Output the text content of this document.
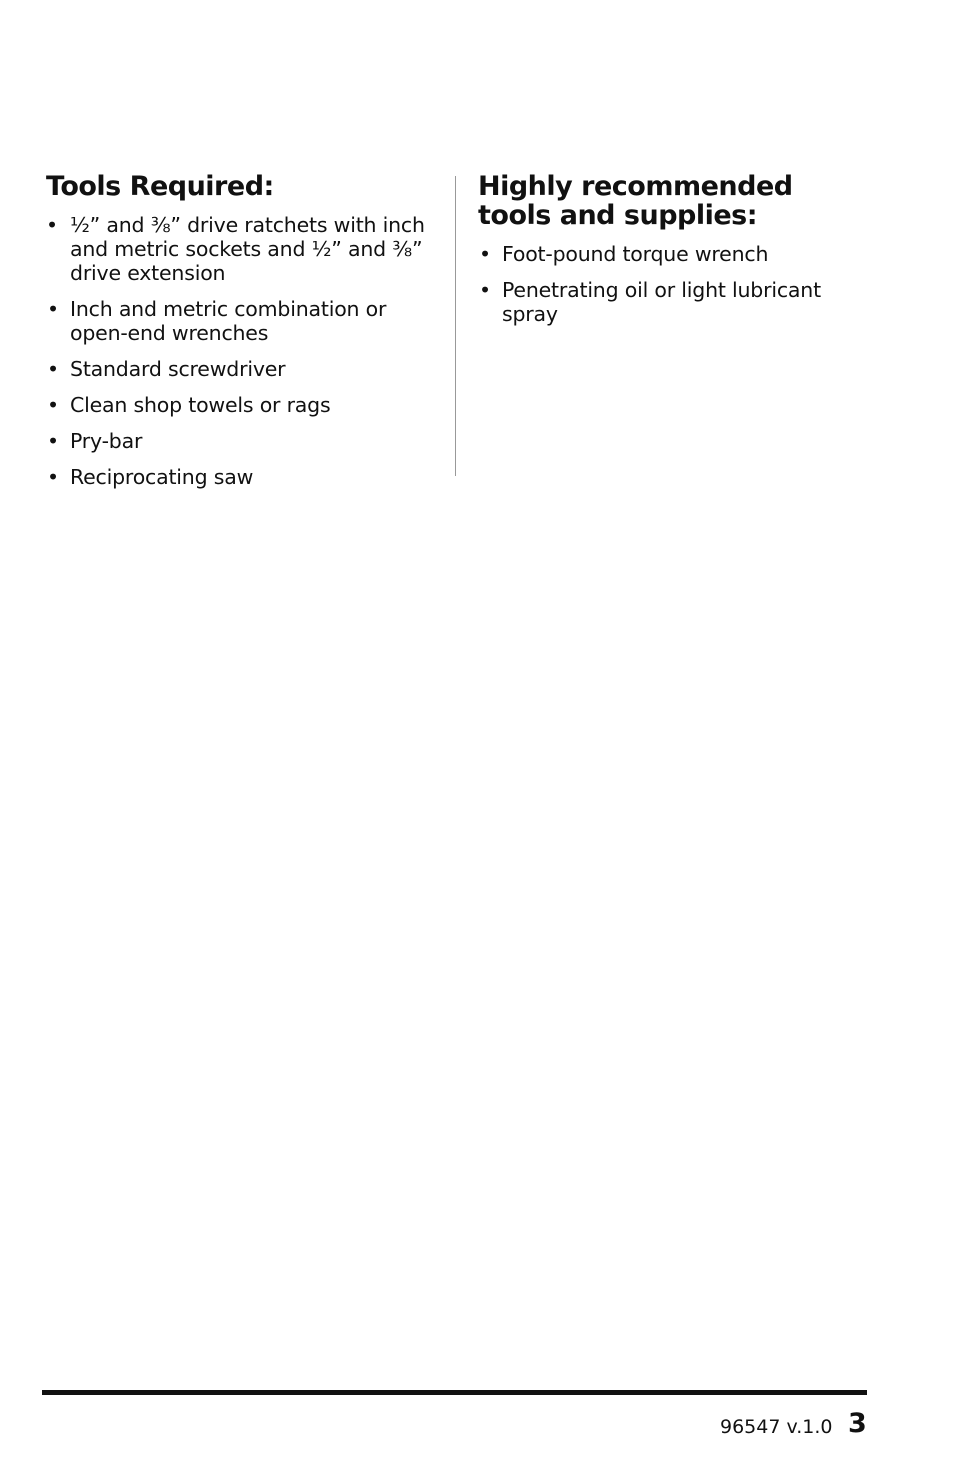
Tools Required:
• ½” and ⅜” drive ratchets with inch and metric sockets and ½” and ⅜” drive extension
• Inch and metric combination or open-end wrenches
• Standard screwdriver
• Clean shop towels or rags
• Pry-bar
• Reciprocating saw
Highly recommended tools and supplies:
• Foot-pound torque wrench
• Penetrating oil or light lubricant spray
96547 v.1.0 3
